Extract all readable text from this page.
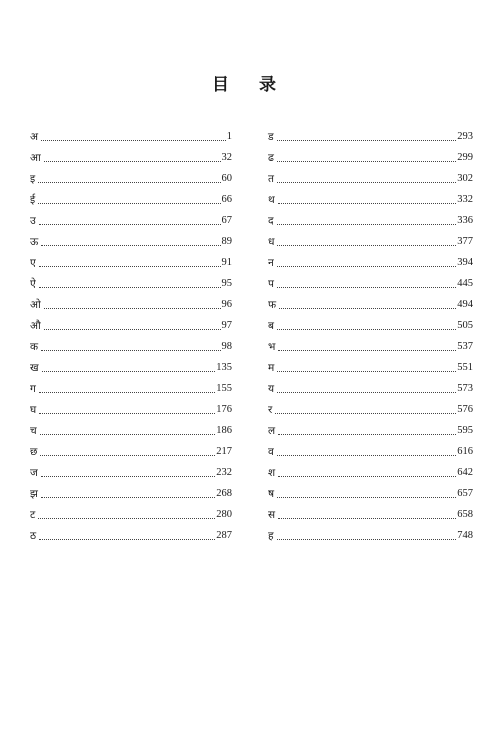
目 录
अ	1
आ	32
इ	60
ई	66
उ	67
ऊ	89
ए	91
ऐ	95
ओ	96
औ	97
क	98
ख	135
ग	155
घ	176
च	186
छ	217
ज	232
झ	268
ट	280
ठ	287
ड	293
ढ	299
त	302
थ	332
द	336
ध	377
न	394
प	445
फ	494
ब	505
भ	537
म	551
य	573
र	576
ल	595
व	616
श	642
ष	657
स	658
ह	748
